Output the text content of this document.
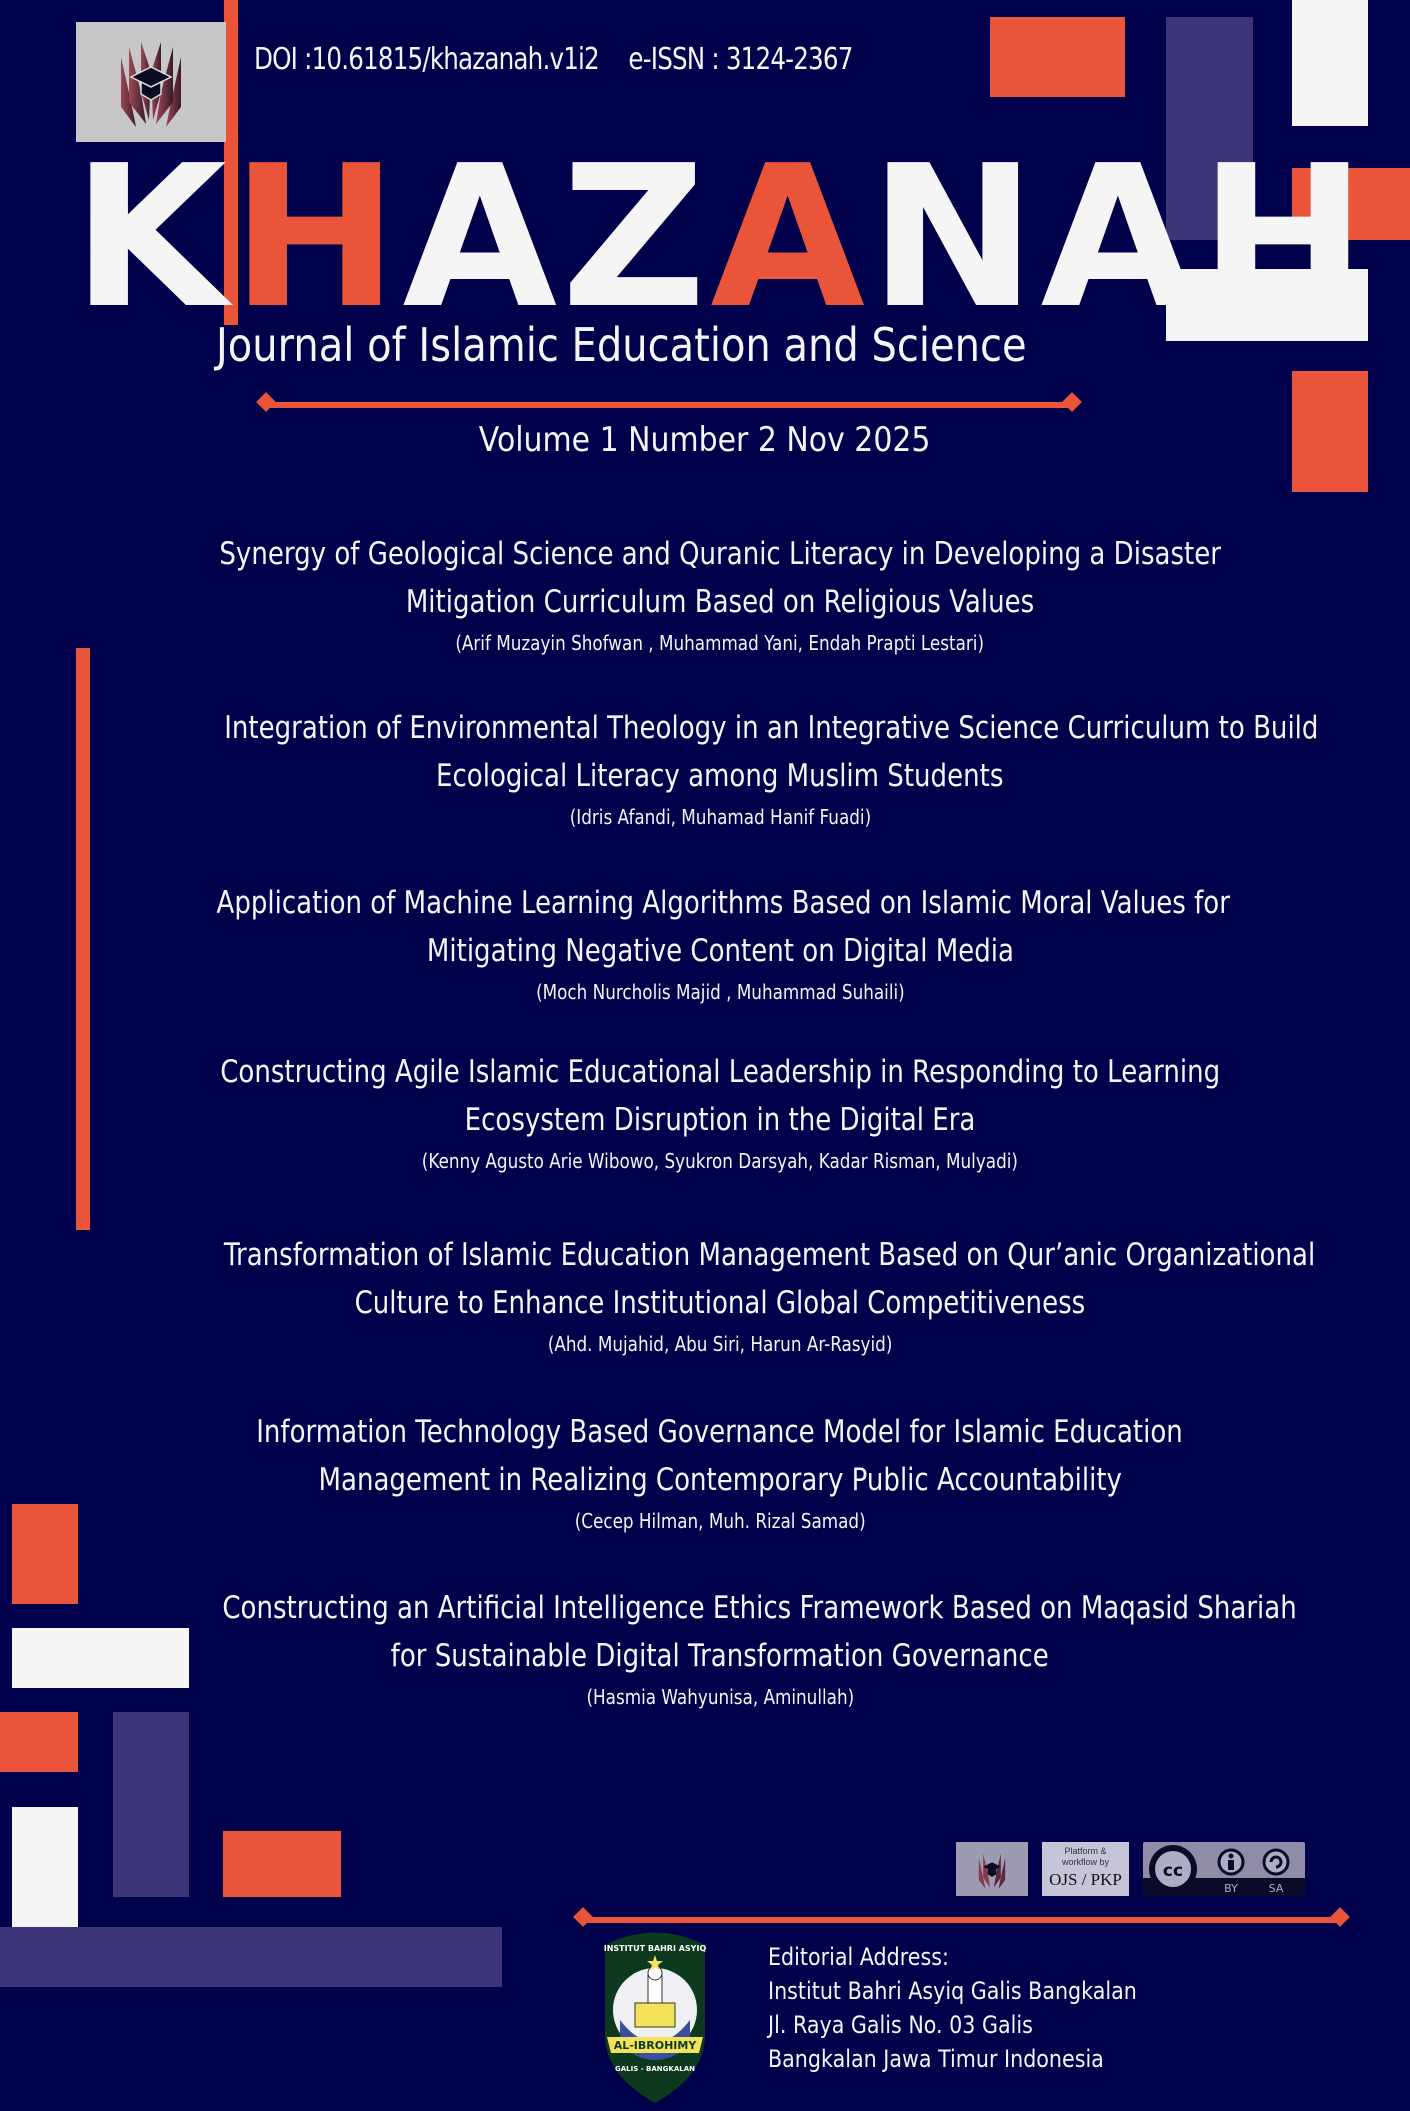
DOI :10.61815/khazanah.v1i2 e-ISSN : 3124-2367
KHAZANAH
Journal of Islamic Education and Science
Volume 1 Number 2 Nov 2025
Synergy of Geological Science and Quranic Literacy in Developing a Disaster
Mitigation Curriculum Based on Religious Values
(Arif Muzayin Shofwan , Muhammad Yani, Endah Prapti Lestari)
Integration of Environmental Theology in an Integrative Science Curriculum to Build
Ecological Literacy among Muslim Students
(Idris Afandi, Muhamad Hanif Fuadi)
Application of Machine Learning Algorithms Based on Islamic Moral Values for
Mitigating Negative Content on Digital Media
(Moch Nurcholis Majid , Muhammad Suhaili)
Constructing Agile Islamic Educational Leadership in Responding to Learning
Ecosystem Disruption in the Digital Era
(Kenny Agusto Arie Wibowo, Syukron Darsyah, Kadar Risman, Mulyadi)
Transformation of Islamic Education Management Based on Qur’anic Organizational
Culture to Enhance Institutional Global Competitiveness
(Ahd. Mujahid, Abu Siri, Harun Ar-Rasyid)
Information Technology Based Governance Model for Islamic Education
Management in Realizing Contemporary Public Accountability
(Cecep Hilman, Muh. Rizal Samad)
Constructing an Artificial Intelligence Ethics Framework Based on Maqasid Shariah
for Sustainable Digital Transformation Governance
(Hasmia Wahyunisa, Aminullah)
Platform &
workflow by
OJS / PKP	cc
BY	SA
AL-IBROHIMY
GALIS - BANGKALAN
INSTITUT BAHRI ASYIQ	Editorial Address:
Institut Bahri Asyiq Galis Bangkalan
Jl. Raya Galis No. 03 Galis
Bangkalan Jawa Timur Indonesia
